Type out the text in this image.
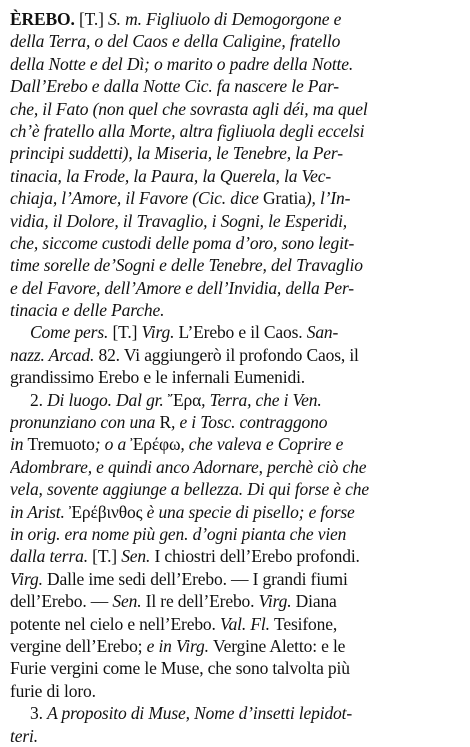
ÈREBO. [T.] S. m. Figliuolo di Demogorgone e
della Terra, o del Caos e della Caligine, fratello
della Notte e del Dì; o marito o padre della Notte.
Dall’Erebo e dalla Notte Cic. fa nascere le Par-
che, il Fato (non quel che sovrasta agli déi, ma quel
ch’è fratello alla Morte, altra figliuola degli eccelsi
principi suddetti), la Miseria, le Tenebre, la Per-
tinacia, la Frode, la Paura, la Querela, la Vec-
chiaja, l’Amore, il Favore (Cic. dice Gratia), l’In-
vidia, il Dolore, il Travaglio, i Sogni, le Esperidi,
che, siccome custodi delle poma d’oro, sono legit-
time sorelle de’Sogni e delle Tenebre, del Travaglio
e del Favore, dell’Amore e dell’Invidia, della Per-
tinacia e delle Parche.
Come pers. [T.] Virg. L’Erebo e il Caos. San-
nazz. Arcad. 82. Vi aggiungerò il profondo Caos, il
grandissimo Erebo e le infernali Eumenidi.
2. Di luogo. Dal gr. Ἔρα, Terra, che i Ven.
pronunziano con una R, e i Tosc. contraggono
in Tremuoto; o a Ἐρέφω, che valeva e Coprire e
Adombrare, e quindi anco Adornare, perchè ciò che
vela, sovente aggiunge a bellezza. Di qui forse è che
in Arist. Ἐρέβινθος è una specie di pisello; e forse
in orig. era nome più gen. d’ogni pianta che vien
dalla terra. [T.] Sen. I chiostri dell’Erebo profondi.
Virg. Dalle ime sedi dell’Erebo. — I grandi fiumi
dell’Erebo. — Sen. Il re dell’Erebo. Virg. Diana
potente nel cielo e nell’Erebo. Val. Fl. Tesifone,
vergine dell’Erebo; e in Virg. Vergine Aletto: e le
Furie vergini come le Muse, che sono talvolta più
furie di loro.
3. A proposito di Muse, Nome d’insetti lepidot-
teri.
